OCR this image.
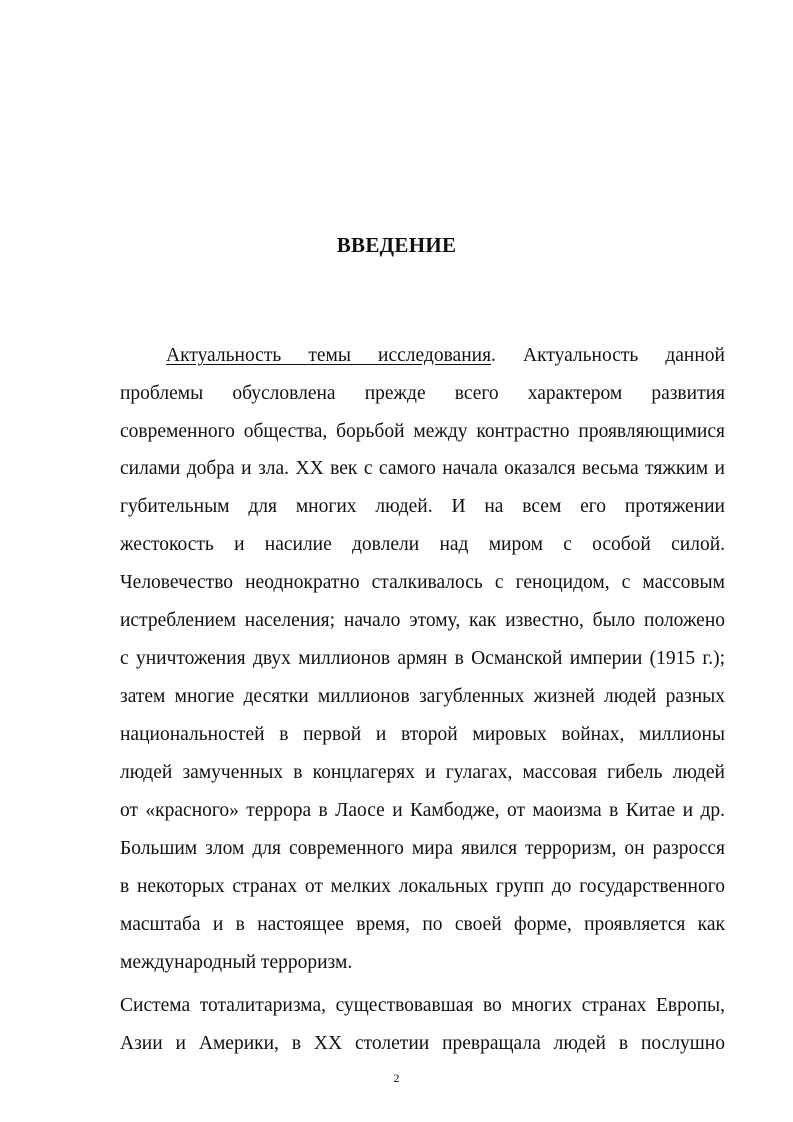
ВВЕДЕНИЕ

Актуальность темы исследования. Актуальность данной

проблемы обусловлена прежде всего характером развития

современного общества, борьбой между контрастно проявляющимися

силами добра и зла. XX век с самого начала оказался весьма тяжким и

губительным для многих людей. И на всем его протяжении

жестокость и насилие довлели над миром с особой силой.

Человечество неоднократно сталкивалось с геноцидом, с массовым

истреблением населения; начало этому, как известно, было положено

с уничтожения двух миллионов армян в Османской империи (1915 г.);

затем многие десятки миллионов загубленных жизней людей разных

национальностей в первой и второй мировых войнах, миллионы

людей замученных в концлагерях и гулагах, массовая гибель людей

от «красного» террора в Лаосе и Камбодже, от маоизма в Китае и др.

Большим злом для современного мира явился терроризм, он разросся

в некоторых странах от мелких локальных групп до государственного

масштаба и в настоящее время, по своей форме, проявляется как

международный терроризм.

Система тоталитаризма, существовавшая во многих странах Европы,

Азии и Америки, в XX столетии превращала людей в послушно

2
